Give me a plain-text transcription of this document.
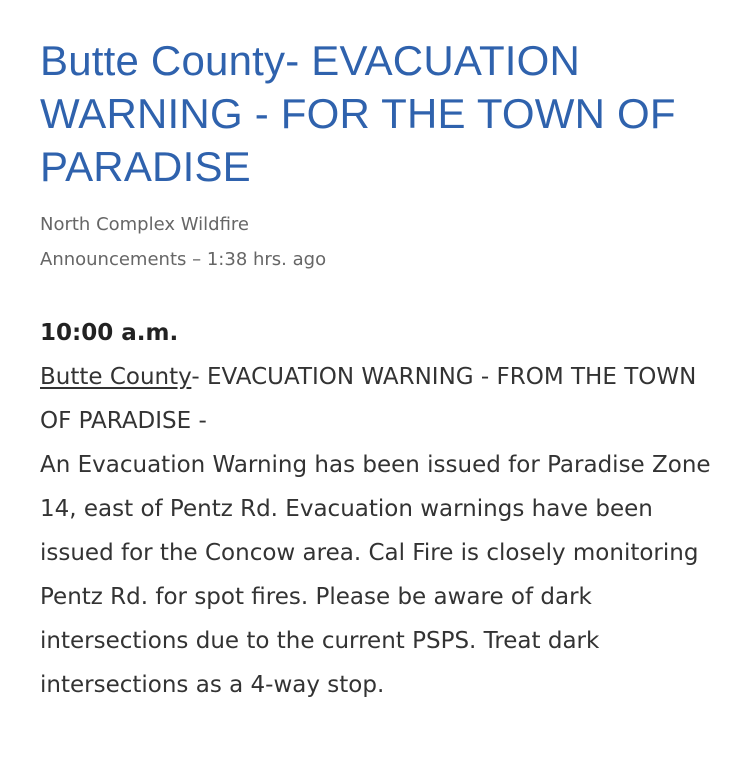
Butte County- EVACUATION WARNING - FOR THE TOWN OF PARADISE
North Complex Wildfire
Announcements – 1:38 hrs. ago
10:00 a.m.
Butte County- EVACUATION WARNING - FROM THE TOWN OF PARADISE -
An Evacuation Warning has been issued for Paradise Zone 14, east of Pentz Rd. Evacuation warnings have been issued for the Concow area. Cal Fire is closely monitoring Pentz Rd. for spot fires. Please be aware of dark intersections due to the current PSPS. Treat dark intersections as a 4-way stop.
